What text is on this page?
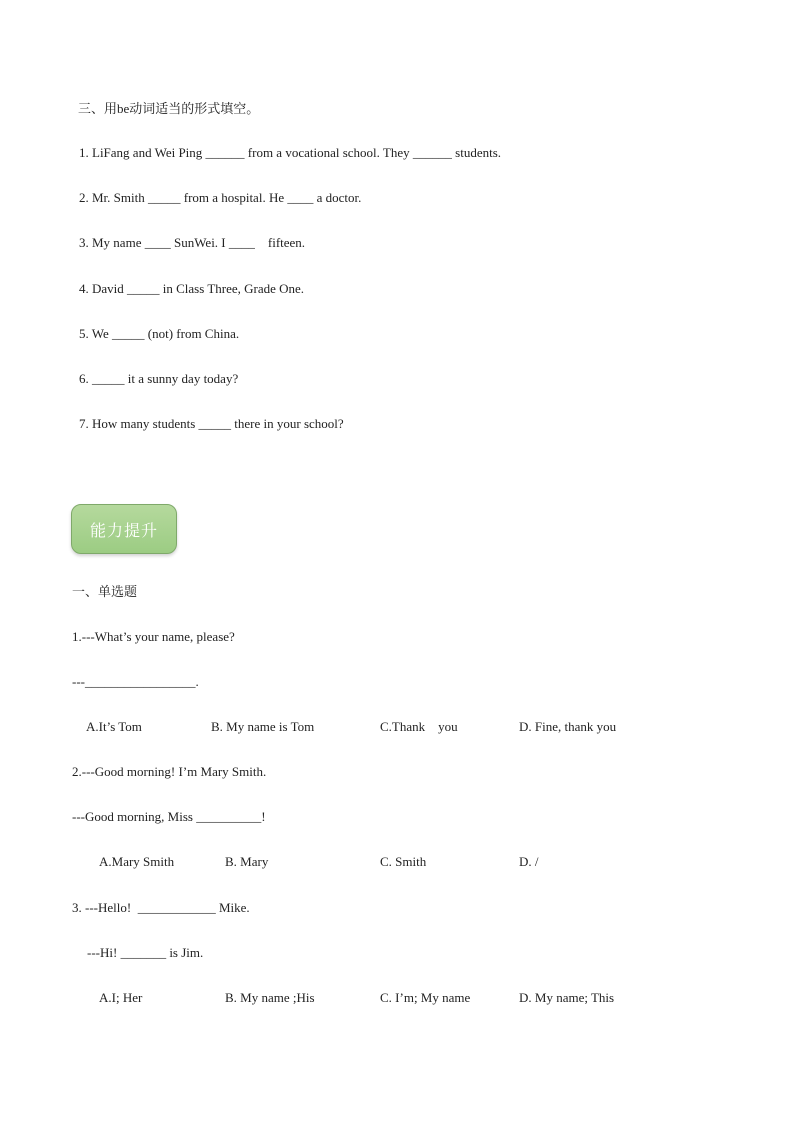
三、用be动词适当的形式填空。
1. LiFang and Wei Ping ______ from a vocational school. They ______ students.
2. Mr. Smith _____ from a hospital. He ____ a doctor.
3. My name ____ SunWei. I ____    fifteen.
4. David _____ in Class Three, Grade One.
5. We _____ (not) from China.
6. _____ it a sunny day today?
7. How many students _____ there in your school?
能力提升
一、单选题
1.---What’s your name, please?
---_________________.
A.It’s Tom	B. My name is Tom	C.Thank    you	D. Fine, thank you
2.---Good morning! I’m Mary Smith.
---Good morning, Miss __________!
A.Mary Smith	B. Mary	C. Smith	D. /
3. ---Hello!  ____________ Mike.
---Hi! _______ is Jim.
A.I; Her	B. My name ;His	C. I’m; My name	D. My name; This
